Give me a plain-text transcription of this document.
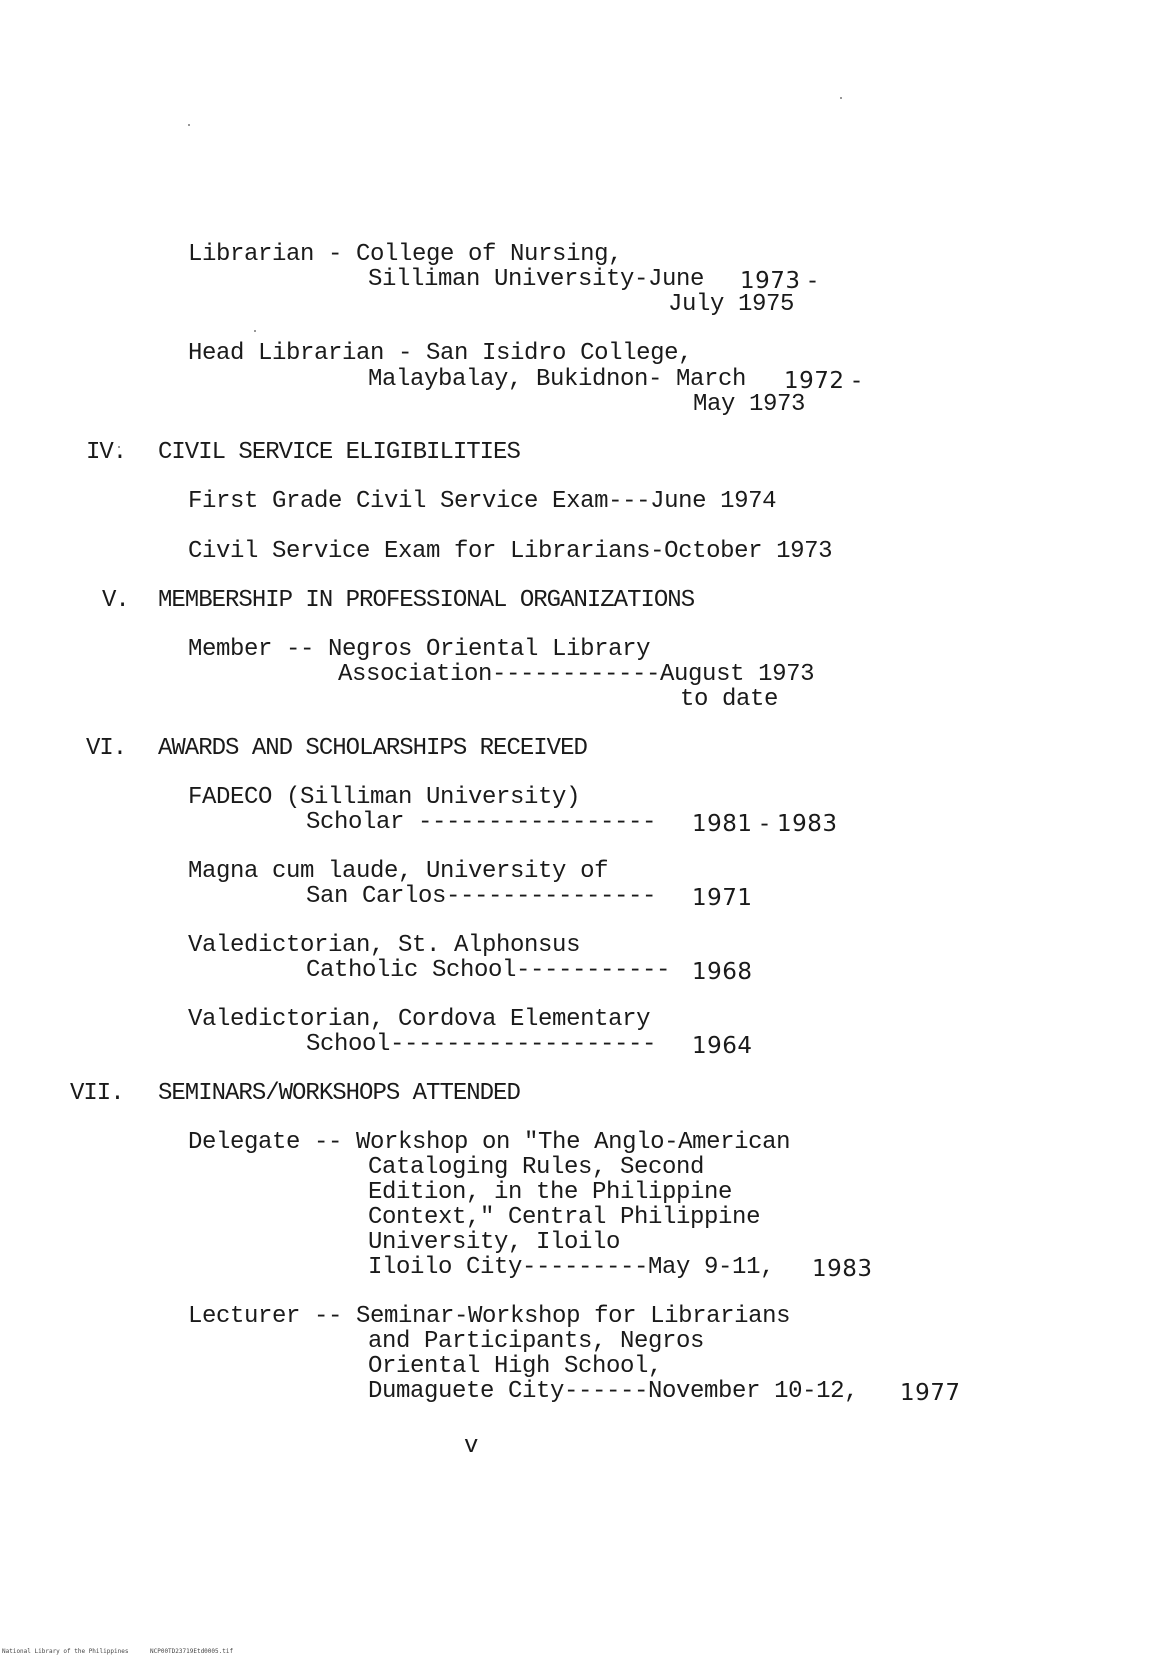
Librarian - College of Nursing,
Silliman University-June 1973 -
July 1975
Head Librarian - San Isidro College,
Malaybalay, Bukidnon- March 1972 -
May 1973
IV. CIVIL SERVICE ELIGIBILITIES
First Grade Civil Service Exam---June 1974
Civil Service Exam for Librarians-October 1973
V. MEMBERSHIP IN PROFESSIONAL ORGANIZATIONS
Member -- Negros Oriental Library
Association------------August 1973
to date
VI. AWARDS AND SCHOLARSHIPS RECEIVED
FADECO (Silliman University)
Scholar ----------------- 1981 - 1983
Magna cum laude, University of
San Carlos--------------- 1971
Valedictorian, St. Alphonsus
Catholic School----------- 1968
Valedictorian, Cordova Elementary
School------------------- 1964
VII. SEMINARS/WORKSHOPS ATTENDED
Delegate -- Workshop on "The Anglo-American
Cataloging Rules, Second
Edition, in the Philippine
Context," Central Philippine
University, Iloilo
Iloilo City---------May 9-11, 1983
Lecturer -- Seminar-Workshop for Librarians
and Participants, Negros
Oriental High School,
Dumaguete City------November 10-12, 1977
v
National Library of the Philippines	NCP00TD23719Etd0005.tif
